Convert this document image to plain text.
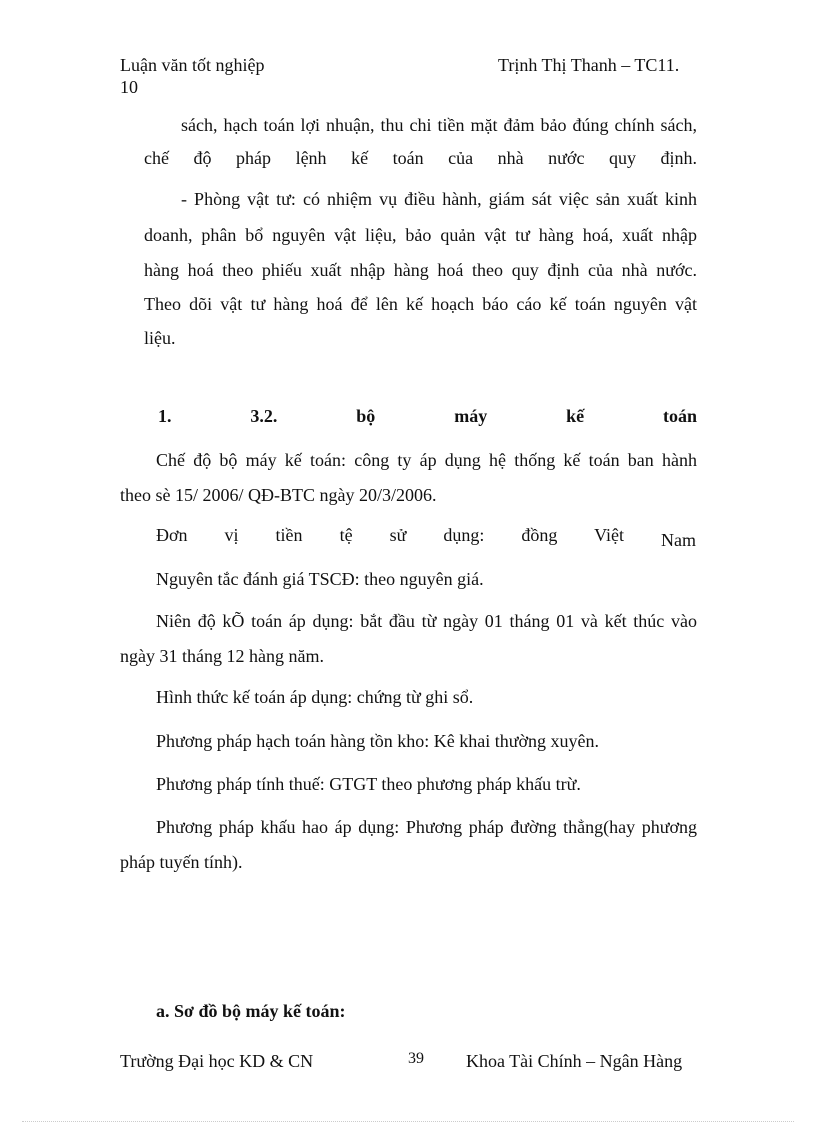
Luận văn tốt nghiệp	Trịnh Thị Thanh – TC11.
10
sách, hạch toán lợi nhuận, thu chi tiền mặt đảm bảo đúng chính sách,
chế độ pháp lệnh kế toán của nhà nước quy định.
- Phòng vật tư: có nhiệm vụ điều hành, giám sát việc sản xuất kinh
doanh, phân bổ nguyên vật liệu, bảo quản vật tư hàng hoá, xuất nhập
hàng hoá theo phiếu xuất nhập hàng hoá theo quy định của nhà nước.
Theo dõi vật tư hàng hoá để lên kế hoạch báo cáo kế toán nguyên vật
liệu.
1. 3.2. bộ máy kế toán
Chế độ bộ máy kế toán: công ty áp dụng hệ thống kế toán ban hành
theo sè 15/ 2006/ QĐ-BTC ngày 20/3/2006.
Đơn vị tiền tệ sử dụng: đồng Việt Nam
Nguyên tắc đánh giá TSCĐ: theo nguyên giá.
Niên độ kÕ toán áp dụng: bắt đầu từ ngày 01 tháng 01 và kết thúc vào
ngày 31 tháng 12 hàng năm.
Hình thức kế toán áp dụng: chứng từ ghi sổ.
Phương pháp hạch toán hàng tồn kho: Kê khai thường xuyên.
Phương pháp tính thuế: GTGT theo phương pháp khấu trừ.
Phương pháp khấu hao áp dụng: Phương pháp đường thẳng(hay phương
pháp tuyến tính).
a. Sơ đồ bộ máy kế toán:
Trường Đại học KD & CN	39 Khoa Tài Chính – Ngân Hàng
